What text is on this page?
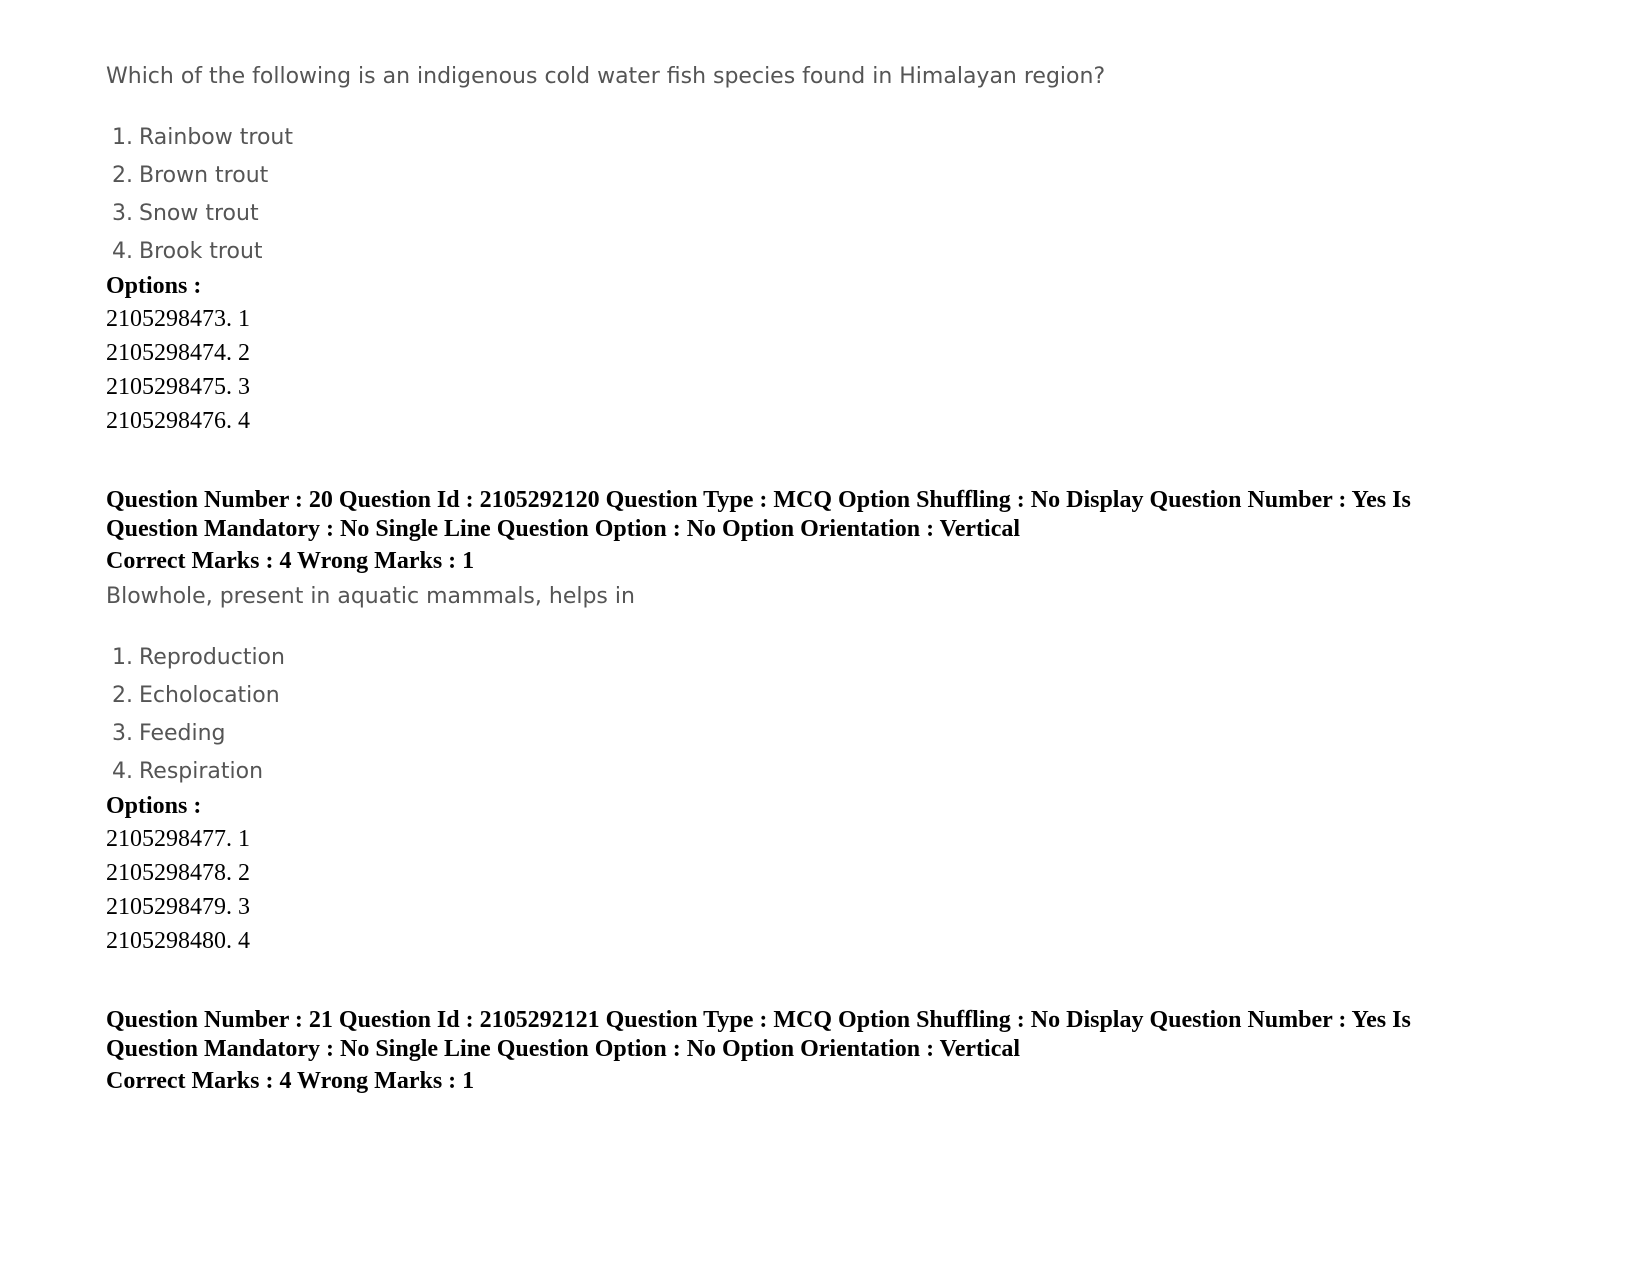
Which of the following is an indigenous cold water fish species found in Himalayan region?

1. Rainbow trout
2. Brown trout
3. Snow trout
4. Brook trout
Options :
2105298473. 1
2105298474. 2
2105298475. 3
2105298476. 4
Question Number : 20 Question Id : 2105292120 Question Type : MCQ Option Shuffling : No Display Question Number : Yes Is
Question Mandatory : No Single Line Question Option : No Option Orientation : Vertical
Correct Marks : 4 Wrong Marks : 1

Blowhole, present in aquatic mammals, helps in

1. Reproduction
2. Echolocation
3. Feeding
4. Respiration
Options :
2105298477. 1
2105298478. 2
2105298479. 3
2105298480. 4
Question Number : 21 Question Id : 2105292121 Question Type : MCQ Option Shuffling : No Display Question Number : Yes Is
Question Mandatory : No Single Line Question Option : No Option Orientation : Vertical
Correct Marks : 4 Wrong Marks : 1
